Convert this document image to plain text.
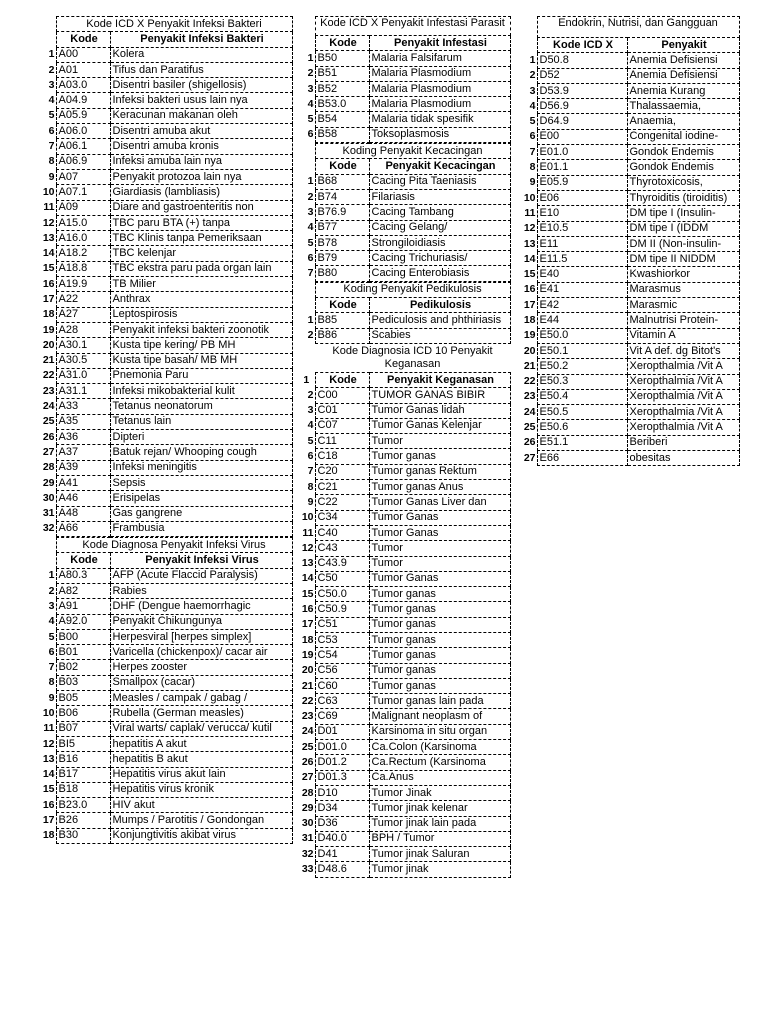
	Kode ICD X Penyakit Infeksi Bakteri	
	Kode	Penyakit Infeksi Bakteri
1	A00	Kolera
2	A01	Tifus dan Paratifus
3	A03.0	Disentri basiler (shigellosis)
4	A04.9	Infeksi bakteri usus lain nya
5	A05.9	Keracunan makanan oleh
6	A06.0	Disentri amuba akut
7	A06.1	Disentri amuba kronis
8	A06.9	Infeksi amuba lain nya
9	A07	Penyakit protozoa lain nya
10	A07.1	Giardiasis (lambliasis)
11	A09	Diare and gastroenteritis non
12	A15.0	TBC paru BTA (+) tanpa
13	A16.0	TBC Klinis tanpa Pemeriksaan
14	A18.2	TBC kelenjar
15	A18.8	TBC ekstra paru pada organ lain
16	A19.9	TB Milier
17	A22	Anthrax
18	A27	Leptospirosis
19	A28	Penyakit infeksi bakteri zoonotik
20	A30.1	Kusta tipe kering/ PB MH
21	A30.5	Kusta tipe basah/ MB MH
22	A31.0	Pnemonia Paru
23	A31.1	Infeksi mikobakterial kulit
24	A33	Tetanus neonatorum
25	A35	Tetanus lain
26	A36	Dipteri
27	A37	Batuk rejan/ Whooping cough
28	A39	Infeksi meningitis
29	A41	Sepsis
30	A46	Erisipelas
31	A48	Gas gangrene
32	A66	Frambusia
	Kode Diagnosa Penyakit Infeksi Virus	
	Kode	Penyakit Infeksi Virus
1	A80.3	AFP (Acute Flaccid Paralysis)
2	A82	Rabies
3	A91	DHF (Dengue haemorrhagic
4	A92.0	Penyakit Chikungunya
5	B00	Herpesviral [herpes simplex]
6	B01	Varicella (chickenpox)/ cacar air
7	B02	Herpes zooster
8	B03	Smallpox (cacar)
9	B05	Measles / campak / gabag /
10	B06	Rubella (German measles)
11	B07	Viral warts/ caplak/ verucca/ kutil
12	BI5	hepatitis A akut
13	B16	hepatitis B akut
14	B17	Hepatitis virus akut lain
15	B18	Hepatitis virus kronik
16	B23.0	HIV akut
17	B26	Mumps / Parotitis / Gondongan
18	B30	Konjungtivitis akibat virus
	Kode ICD X Penyakit Infestasi Parasit	
	Kode	Penyakit Infestasi
1	B50	Malaria Falsifarum
2	B51	Malaria Plasmodium
3	B52	Malaria Plasmodium
4	B53.0	Malaria Plasmodium
5	B54	Malaria tidak spesifik
6	B58	Toksoplasmosis
	Koding Penyakit Kecacingan	
	Kode	Penyakit Kecacingan
1	B68	Cacing Pita Taeniasis
2	B74	Filariasis
3	B76.9	Cacing Tambang
4	B77	Cacing Gelang/
5	B78	Strongiloidiasis
6	B79	Cacing Trichuriasis/
7	B80	Cacing Enterobiasis
	Koding Penyakit Pedikulosis	
	Kode	Pedikulosis
1	B85	Pediculosis and phthiriasis
2	B86	Scabies
	Kode Diagnosia ICD 10 Penyakit Keganasan	
1	Kode	Penyakit Keganasan
2	C00	TUMOR GANAS BIBIR
3	C01	Tumor Ganas lidah
4	C07	Tumor Ganas Kelenjar
5	C11	Tumor
6	C18	Tumor ganas
7	C20	Tumor ganas Rektum
8	C21	Tumor ganas Anus
9	C22	Tumor Ganas Liver dan
10	C34	Tumor Ganas
11	C40	Tumor Ganas
12	C43	Tumor
13	C43.9	Tumor
14	C50	Tumor Ganas
15	C50.0	Tumor ganas
16	C50.9	Tumor ganas
17	C51	Tumor ganas
18	C53	Tumor ganas
19	C54	Tumor ganas
20	C56	Tumor ganas
21	C60	Tumor ganas
22	C63	Tumor ganas lain pada
23	C69	Malignant neoplasm of
24	D01	Karsinoma in situ organ
25	D01.0	Ca.Colon (Karsinoma
26	D01.2	Ca.Rectum (Karsinoma
27	D01.3	Ca.Anus
28	D10	Tumor Jinak
29	D34	Tumor jinak kelenar
30	D36	Tumor jinak lain pada
31	D40.0	BPH / Tumor
32	D41	Tumor jinak Saluran
33	D48.6	Tumor jinak
	Endokrin, Nutrisi, dan Gangguan	
	Kode ICD X	Penyakit
1	D50.8	Anemia Defisiensi
2	D52	Anemia Defisiensi
3	D53.9	Anemia Kurang
4	D56.9	Thalassaemia,
5	D64.9	Anaemia,
6	E00	Congenital iodine-
7	E01.0	Gondok Endemis
8	E01.1	Gondok Endemis
9	E05.9	Thyrotoxicosis,
10	E06	Thyroiditis (tiroiditis)
11	E10	DM tipe I (Insulin-
12	E10.5	DM tipe I (IDDM
13	E11	DM II (Non-insulin-
14	E11.5	DM tipe II NIDDM
15	E40	Kwashiorkor
16	E41	Marasmus
17	E42	Marasmic
18	E44	Malnutrisi Protein-
19	E50.0	Vitamin A
20	E50.1	Vit A def. dg Bitot's
21	E50.2	Xeropthalmia /Vit A
22	E50.3	Xeropthalmia /Vit A
23	E50.4	Xeropthalmia /Vit A
24	E50.5	Xeropthalmia /Vit A
25	E50.6	Xeropthalmia /Vit A
26	E51.1	Beriberi
27	E66	obesitas
